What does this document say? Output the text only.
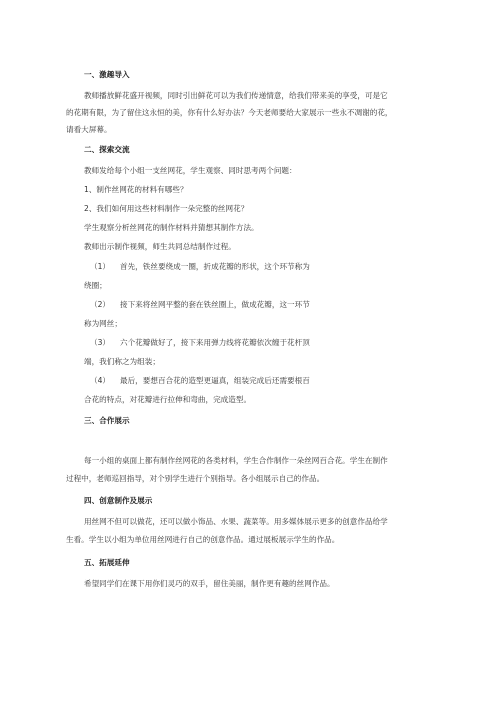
一、激趣导入
教师播放鲜花盛开视频，同时引出鲜花可以为我们传递情意，给我们带来美的享受，可是它
的花期有限，为了留住这永恒的美，你有什么好办法？今天老师要给大家展示一些永不凋谢的花，
请看大屏幕。
二、探索交流
教师发给每个小组一支丝网花，学生观察、同时思考两个问题：
1、制作丝网花的材料有哪些？
2、我们如何用这些材料制作一朵完整的丝网花？
学生观察分析丝网花的制作材料并猜想其制作方法。
教师出示制作视频，师生共同总结制作过程。
（1） 首先，铁丝要绕成一圈，折成花瓣的形状，这个环节称为
绕圈；
（2） 接下来将丝网平整的套在铁丝圈上，做成花瓣，这一环节
称为网丝；
（3） 六个花瓣做好了，接下来用弹力线将花瓣依次缠于花杆顶
端，我们称之为组装；
（4） 最后，要想百合花的造型更逼真，组装完成后还需要根百
合花的特点，对花瓣进行拉伸和弯曲，完成造型。
三、合作展示
每一小组的桌面上都有制作丝网花的各类材料，学生合作制作一朵丝网百合花。学生在制作
过程中，老师巡回指导，对个别学生进行个别指导。各小组展示自己的作品。
四、创意制作及展示
用丝网不但可以做花，还可以做小饰品、水果、蔬菜等。用多媒体展示更多的创意作品给学
生看。学生以小组为单位用丝网进行自己的创意作品。通过展板展示学生的作品。
五、拓展延伸
希望同学们在课下用你们灵巧的双手，留住美丽，制作更有趣的丝网作品。
